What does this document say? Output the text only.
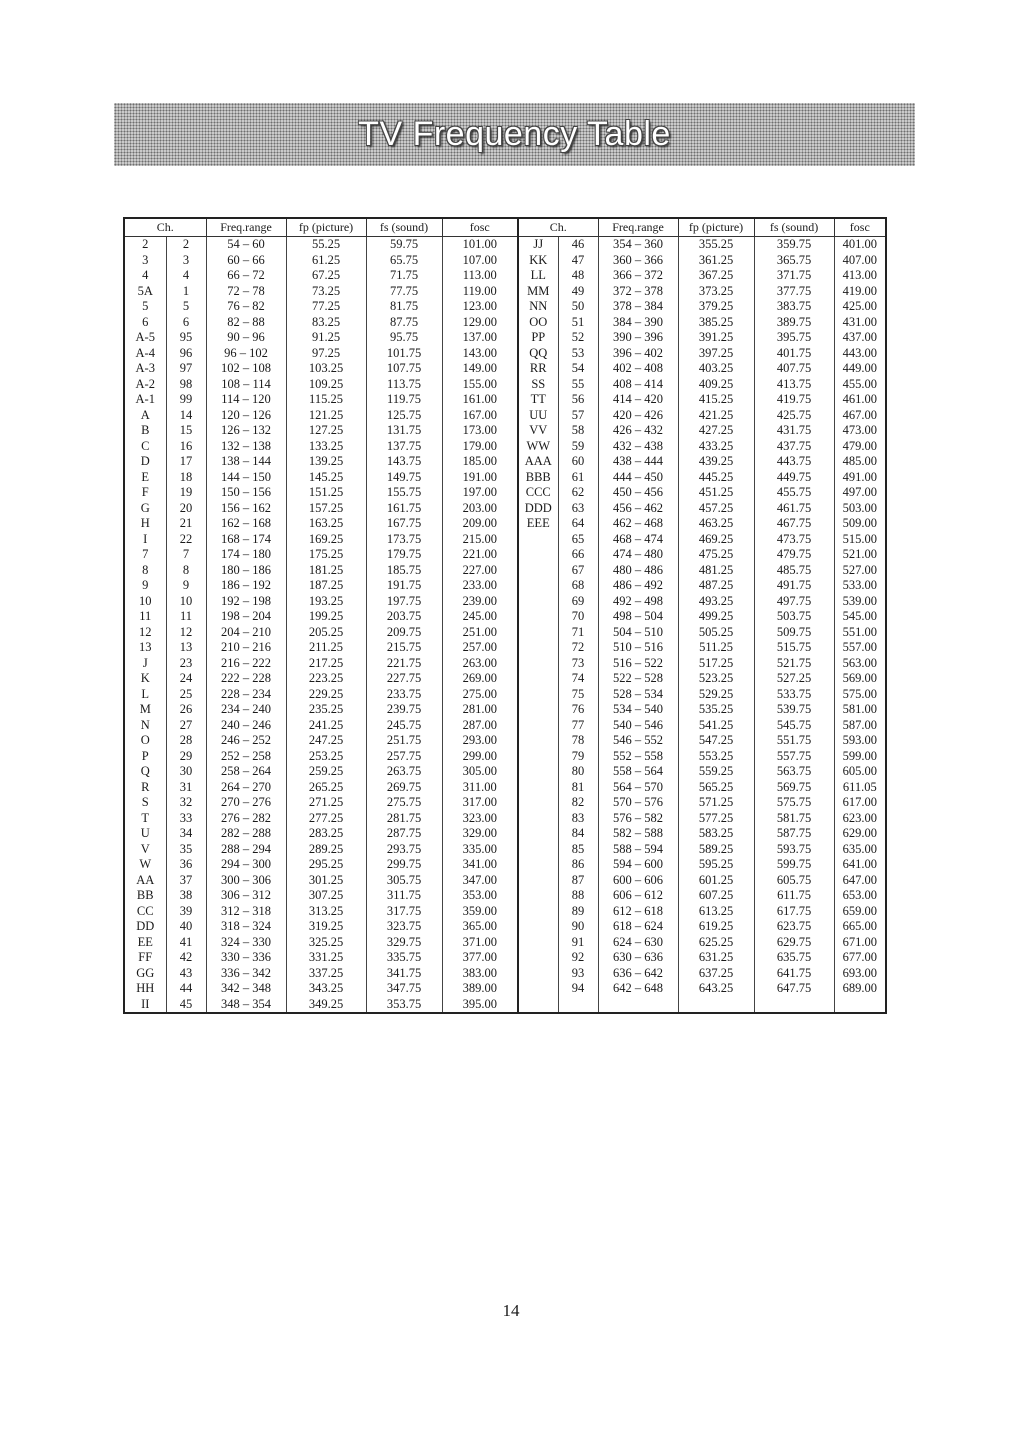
TV Frequency Table
Ch.		Freq.range	fp (picture)	fs (sound)	fosc	Ch.		Freq.range	fp (picture)	fs (sound)	fosc
2	2	54 – 60	55.25	59.75	101.00	JJ	46	354 – 360	355.25	359.75	401.00
3	3	60 – 66	61.25	65.75	107.00	KK	47	360 – 366	361.25	365.75	407.00
4	4	66 – 72	67.25	71.75	113.00	LL	48	366 – 372	367.25	371.75	413.00
5A	1	72 – 78	73.25	77.75	119.00	MM	49	372 – 378	373.25	377.75	419.00
5	5	76 – 82	77.25	81.75	123.00	NN	50	378 – 384	379.25	383.75	425.00
6	6	82 – 88	83.25	87.75	129.00	OO	51	384 – 390	385.25	389.75	431.00
A-5	95	90 – 96	91.25	95.75	137.00	PP	52	390 – 396	391.25	395.75	437.00
A-4	96	96 – 102	97.25	101.75	143.00	QQ	53	396 – 402	397.25	401.75	443.00
A-3	97	102 – 108	103.25	107.75	149.00	RR	54	402 – 408	403.25	407.75	449.00
A-2	98	108 – 114	109.25	113.75	155.00	SS	55	408 – 414	409.25	413.75	455.00
A-1	99	114 – 120	115.25	119.75	161.00	TT	56	414 – 420	415.25	419.75	461.00
A	14	120 – 126	121.25	125.75	167.00	UU	57	420 – 426	421.25	425.75	467.00
B	15	126 – 132	127.25	131.75	173.00	VV	58	426 – 432	427.25	431.75	473.00
C	16	132 – 138	133.25	137.75	179.00	WW	59	432 – 438	433.25	437.75	479.00
D	17	138 – 144	139.25	143.75	185.00	AAA	60	438 – 444	439.25	443.75	485.00
E	18	144 – 150	145.25	149.75	191.00	BBB	61	444 – 450	445.25	449.75	491.00
F	19	150 – 156	151.25	155.75	197.00	CCC	62	450 – 456	451.25	455.75	497.00
G	20	156 – 162	157.25	161.75	203.00	DDD	63	456 – 462	457.25	461.75	503.00
H	21	162 – 168	163.25	167.75	209.00	EEE	64	462 – 468	463.25	467.75	509.00
I	22	168 – 174	169.25	173.75	215.00		65	468 – 474	469.25	473.75	515.00
7	7	174 – 180	175.25	179.75	221.00		66	474 – 480	475.25	479.75	521.00
8	8	180 – 186	181.25	185.75	227.00		67	480 – 486	481.25	485.75	527.00
9	9	186 – 192	187.25	191.75	233.00		68	486 – 492	487.25	491.75	533.00
10	10	192 – 198	193.25	197.75	239.00		69	492 – 498	493.25	497.75	539.00
11	11	198 – 204	199.25	203.75	245.00		70	498 – 504	499.25	503.75	545.00
12	12	204 – 210	205.25	209.75	251.00		71	504 – 510	505.25	509.75	551.00
13	13	210 – 216	211.25	215.75	257.00		72	510 – 516	511.25	515.75	557.00
J	23	216 – 222	217.25	221.75	263.00		73	516 – 522	517.25	521.75	563.00
K	24	222 – 228	223.25	227.75	269.00		74	522 – 528	523.25	527.25	569.00
L	25	228 – 234	229.25	233.75	275.00		75	528 – 534	529.25	533.75	575.00
M	26	234 – 240	235.25	239.75	281.00		76	534 – 540	535.25	539.75	581.00
N	27	240 – 246	241.25	245.75	287.00		77	540 – 546	541.25	545.75	587.00
O	28	246 – 252	247.25	251.75	293.00		78	546 – 552	547.25	551.75	593.00
P	29	252 – 258	253.25	257.75	299.00		79	552 – 558	553.25	557.75	599.00
Q	30	258 – 264	259.25	263.75	305.00		80	558 – 564	559.25	563.75	605.00
R	31	264 – 270	265.25	269.75	311.00		81	564 – 570	565.25	569.75	611.05
S	32	270 – 276	271.25	275.75	317.00		82	570 – 576	571.25	575.75	617.00
T	33	276 – 282	277.25	281.75	323.00		83	576 – 582	577.25	581.75	623.00
U	34	282 – 288	283.25	287.75	329.00		84	582 – 588	583.25	587.75	629.00
V	35	288 – 294	289.25	293.75	335.00		85	588 – 594	589.25	593.75	635.00
W	36	294 – 300	295.25	299.75	341.00		86	594 – 600	595.25	599.75	641.00
AA	37	300 – 306	301.25	305.75	347.00		87	600 – 606	601.25	605.75	647.00
BB	38	306 – 312	307.25	311.75	353.00		88	606 – 612	607.25	611.75	653.00
CC	39	312 – 318	313.25	317.75	359.00		89	612 – 618	613.25	617.75	659.00
DD	40	318 – 324	319.25	323.75	365.00		90	618 – 624	619.25	623.75	665.00
EE	41	324 – 330	325.25	329.75	371.00		91	624 – 630	625.25	629.75	671.00
FF	42	330 – 336	331.25	335.75	377.00		92	630 – 636	631.25	635.75	677.00
GG	43	336 – 342	337.25	341.75	383.00		93	636 – 642	637.25	641.75	693.00
HH	44	342 – 348	343.25	347.75	389.00		94	642 – 648	643.25	647.75	689.00
II	45	348 – 354	349.25	353.75	395.00						

14
